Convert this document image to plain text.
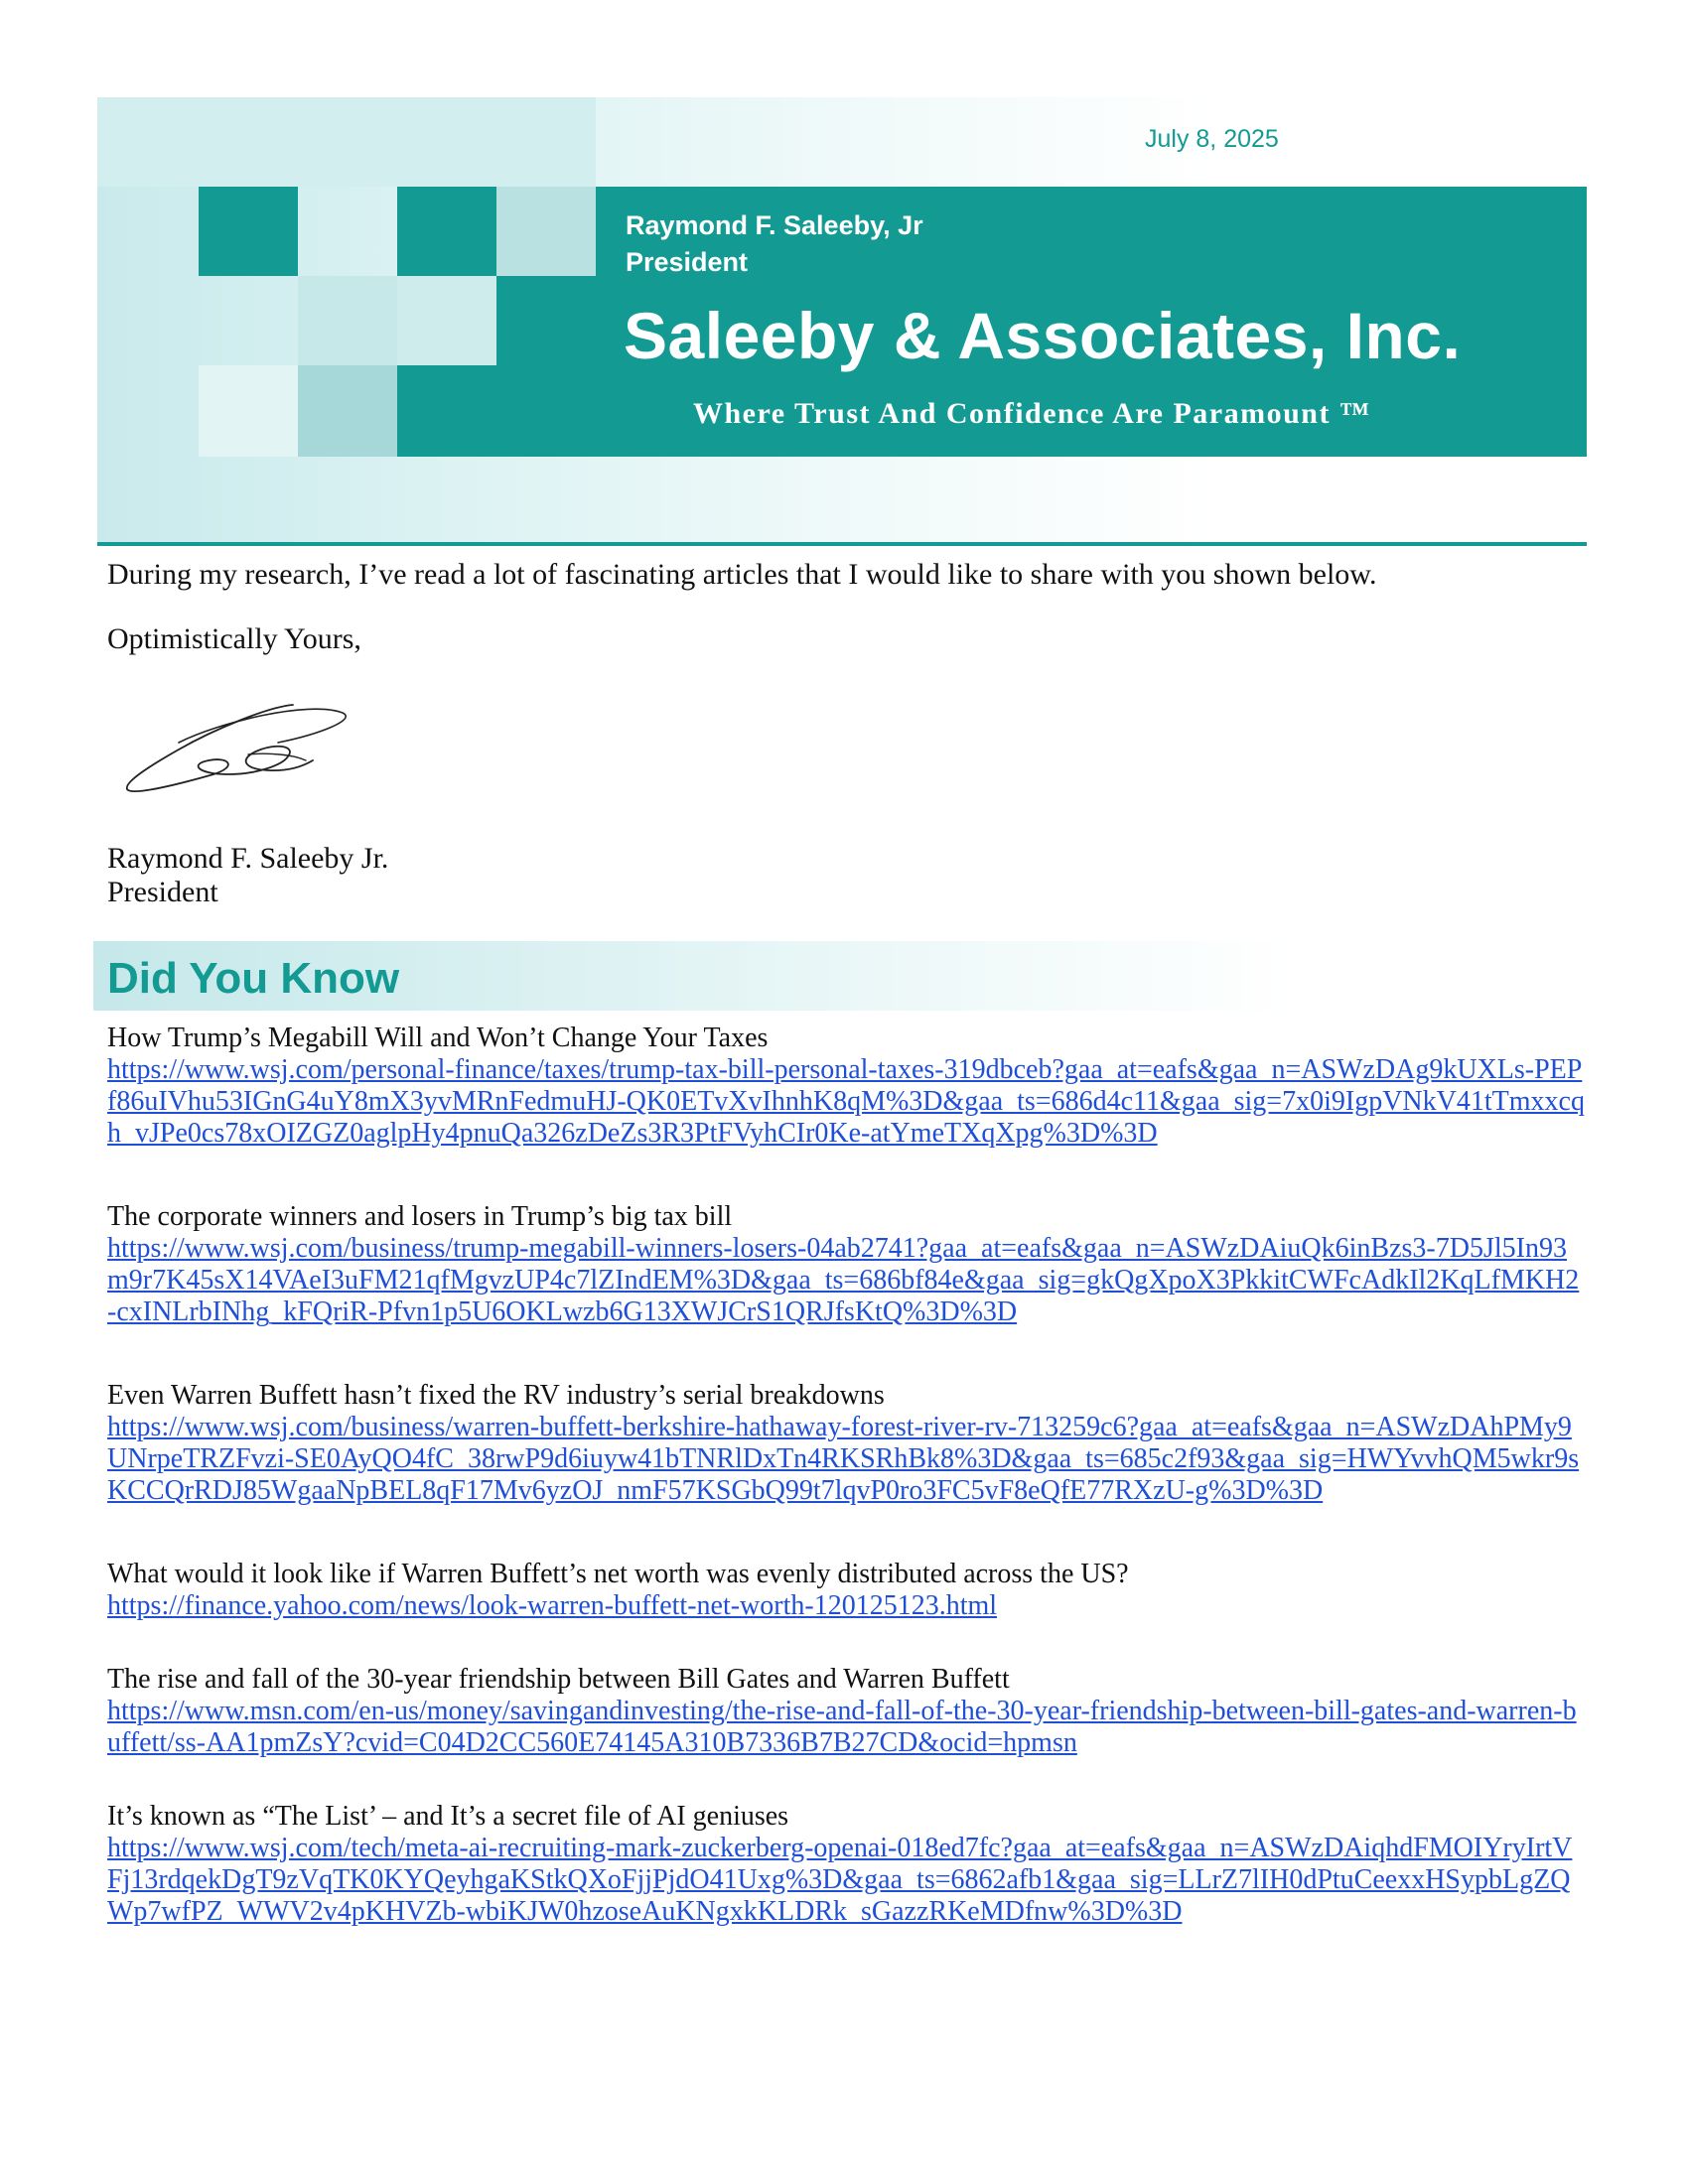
July 8, 2025
Raymond F. Saleeby, Jr
President
Saleeby & Associates, Inc.
Where Trust And Confidence Are Paramount ™
During my research, I’ve read a lot of fascinating articles that I would like to share with you shown below.
Optimistically Yours,
Raymond F. Saleeby Jr.
President
Did You Know
How Trump’s Megabill Will and Won’t Change Your Taxes
https://www.wsj.com/personal-finance/taxes/trump-tax-bill-personal-taxes-319dbceb?gaa_at=eafs&gaa_n=ASWzDAg9kUXLs-PEPf86uIVhu53IGnG4uY8mX3yvMRnFedmuHJ-QK0ETvXvIhnhK8qM%3D&gaa_ts=686d4c11&gaa_sig=7x0i9IgpVNkV41tTmxxcqh_vJPe0cs78xOIZGZ0aglpHy4pnuQa326zDeZs3R3PtFVyhCIr0Ke-atYmeTXqXpg%3D%3D
The corporate winners and losers in Trump’s big tax bill
https://www.wsj.com/business/trump-megabill-winners-losers-04ab2741?gaa_at=eafs&gaa_n=ASWzDAiuQk6inBzs3-7D5Jl5In93m9r7K45sX14VAeI3uFM21qfMgvzUP4c7lZIndEM%3D&gaa_ts=686bf84e&gaa_sig=gkQgXpoX3PkkitCWFcAdkIl2KqLfMKH2-cxINLrbINhg_kFQriR-Pfvn1p5U6OKLwzb6G13XWJCrS1QRJfsKtQ%3D%3D
Even Warren Buffett hasn’t fixed the RV industry’s serial breakdowns
https://www.wsj.com/business/warren-buffett-berkshire-hathaway-forest-river-rv-713259c6?gaa_at=eafs&gaa_n=ASWzDAhPMy9UNrpeTRZFvzi-SE0AyQO4fC_38rwP9d6iuyw41bTNRlDxTn4RKSRhBk8%3D&gaa_ts=685c2f93&gaa_sig=HWYvvhQM5wkr9sKCCQrRDJ85WgaaNpBEL8qF17Mv6yzOJ_nmF57KSGbQ99t7lqvP0ro3FC5vF8eQfE77RXzU-g%3D%3D
What would it look like if Warren Buffett’s net worth was evenly distributed across the US?
https://finance.yahoo.com/news/look-warren-buffett-net-worth-120125123.html
The rise and fall of the 30-year friendship between Bill Gates and Warren Buffett
https://www.msn.com/en-us/money/savingandinvesting/the-rise-and-fall-of-the-30-year-friendship-between-bill-gates-and-warren-buffett/ss-AA1pmZsY?cvid=C04D2CC560E74145A310B7336B7B27CD&ocid=hpmsn
It’s known as “The List’ – and It’s a secret file of AI geniuses
https://www.wsj.com/tech/meta-ai-recruiting-mark-zuckerberg-openai-018ed7fc?gaa_at=eafs&gaa_n=ASWzDAiqhdFMOIYryIrtVFj13rdqekDgT9zVqTK0KYQeyhgaKStkQXoFjjPjdO41Uxg%3D&gaa_ts=6862afb1&gaa_sig=LLrZ7lIH0dPtuCeexxHSypbLgZQWp7wfPZ_WWV2v4pKHVZb-wbiKJW0hzoseAuKNgxkKLDRk_sGazzRKeMDfnw%3D%3D
